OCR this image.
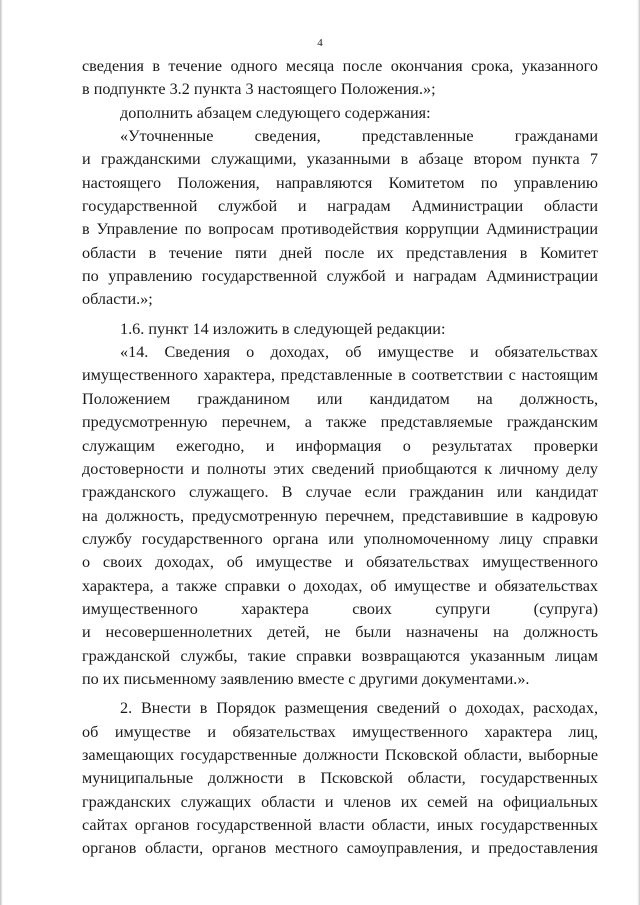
4
сведения в течение одного месяца после окончания срока, указанного
в подпункте 3.2 пункта 3 настоящего Положения.»;
дополнить абзацем следующего содержания:
«Уточненные сведения, представленные гражданами
и гражданскими служащими, указанными в абзаце втором пункта 7
настоящего Положения, направляются Комитетом по управлению
государственной службой и наградам Администрации области
в Управление по вопросам противодействия коррупции Администрации
области в течение пяти дней после их представления в Комитет
по управлению государственной службой и наградам Администрации
области.»;
1.6. пункт 14 изложить в следующей редакции:
«14. Сведения о доходах, об имуществе и обязательствах
имущественного характера, представленные в соответствии с настоящим
Положением гражданином или кандидатом на должность,
предусмотренную перечнем, а также представляемые гражданским
служащим ежегодно, и информация о результатах проверки
достоверности и полноты этих сведений приобщаются к личному делу
гражданского служащего. В случае если гражданин или кандидат
на должность, предусмотренную перечнем, представившие в кадровую
службу государственного органа или уполномоченному лицу справки
о своих доходах, об имуществе и обязательствах имущественного
характера, а также справки о доходах, об имуществе и обязательствах
имущественного характера своих супруги (супруга)
и несовершеннолетних детей, не были назначены на должность
гражданской службы, такие справки возвращаются указанным лицам
по их письменному заявлению вместе с другими документами.».
2. Внести в Порядок размещения сведений о доходах, расходах,
об имуществе и обязательствах имущественного характера лиц,
замещающих государственные должности Псковской области, выборные
муниципальные должности в Псковской области, государственных
гражданских служащих области и членов их семей на официальных
сайтах органов государственной власти области, иных государственных
органов области, органов местного самоуправления, и предоставления
